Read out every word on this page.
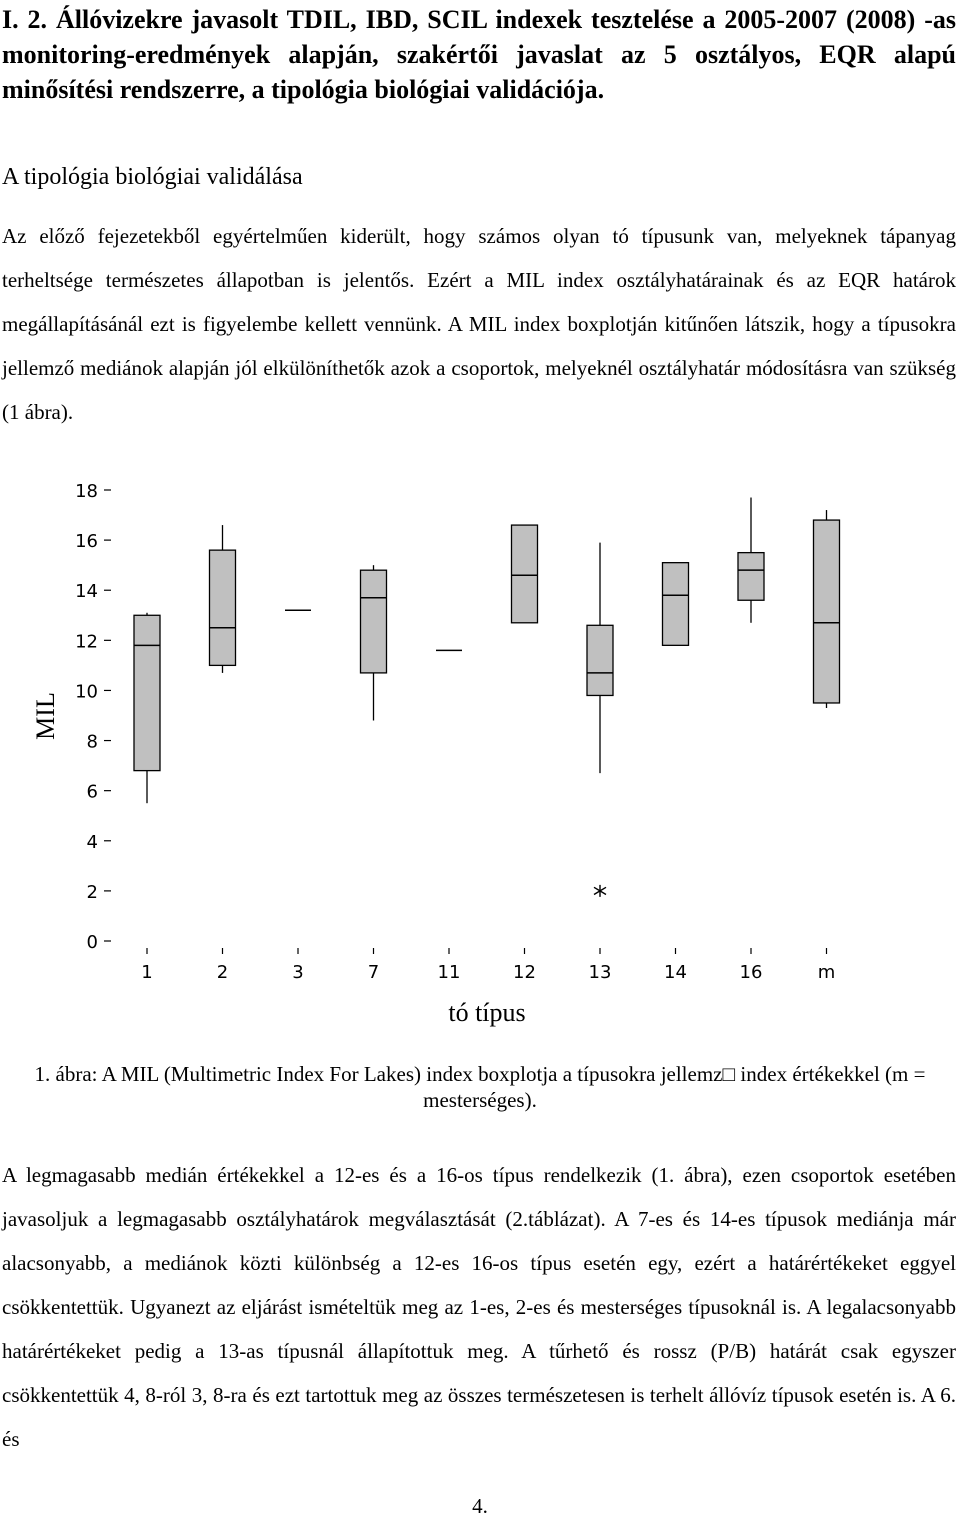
I. 2. Állóvizekre javasolt TDIL, IBD, SCIL indexek tesztelése a 2005-2007 (2008) -as monitoring-eredmények alapján, szakértői javaslat az 5 osztályos, EQR alapú minősítési rendszerre, a tipológia biológiai validációja.
A tipológia biológiai validálása

Az előző fejezetekből egyértelműen kiderült, hogy számos olyan tó típusunk van, melyeknek tápanyag terheltsége természetes állapotban is jelentős. Ezért a MIL index osztályhatárainak és az EQR határok megállapításánál ezt is figyelembe kellett vennünk. A MIL index boxplotján kitűnően látszik, hogy a típusokra jellemző mediánok alapján jól elkülöníthetők azok a csoportok, melyeknél osztályhatár módosításra van szükség (1 ábra).

0
2
4
6
8
10
12
14
16
18
1	2	3	7	11	12	13	14	16	m
MIL
tó típus

1. ábra: A MIL (Multimetric Index For Lakes) index boxplotja a típusokra jellemz□ index értékekkel (m = mesterséges).

A legmagasabb medián értékekkel a 12-es és a 16-os típus rendelkezik (1. ábra), ezen csoportok esetében javasoljuk a legmagasabb osztályhatárok megválasztását (2.táblázat). A 7-es és 14-es típusok mediánja már alacsonyabb, a mediánok közti különbség a 12-es 16-os típus esetén egy, ezért a határértékeket eggyel csökkentettük. Ugyanezt az eljárást ismételtük meg az 1-es, 2-es és mesterséges típusoknál is. A legalacsonyabb határértékeket pedig a 13-as típusnál állapítottuk meg. A tűrhető és rossz (P/B) határát csak egyszer csökkentettük 4, 8-ról 3, 8-ra és ezt tartottuk meg az összes természetesen is terhelt állóvíz típusok esetén is. A 6. és

4.
